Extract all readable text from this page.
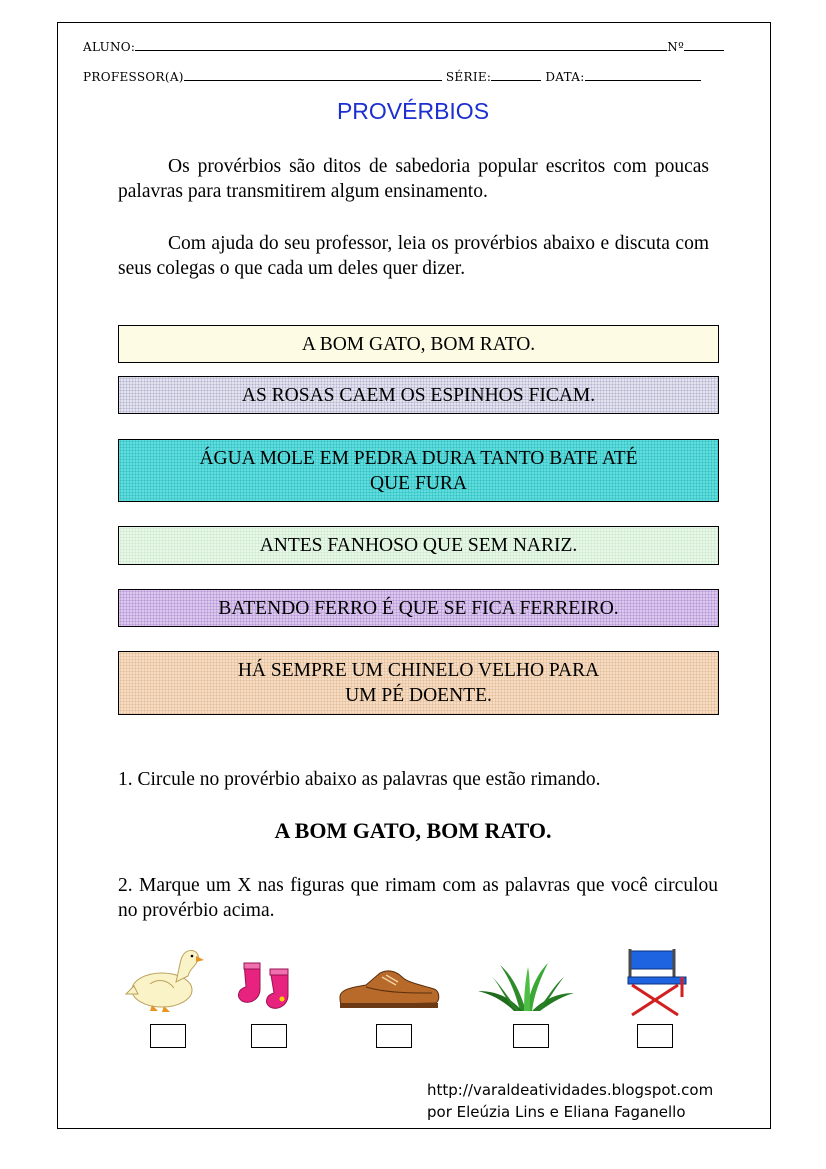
ALUNO:	Nº
PROFESSOR(A)	SÉRIE:	DATA:
PROVÉRBIOS
Os provérbios são ditos de sabedoria popular escritos com poucas palavras para transmitirem algum ensinamento.
Com ajuda do seu professor, leia os provérbios abaixo e discuta com seus colegas o que cada um deles quer dizer.
A BOM GATO, BOM RATO.
AS ROSAS CAEM OS ESPINHOS FICAM.
ÁGUA MOLE EM PEDRA DURA TANTO BATE ATÉ
QUE FURA
ANTES FANHOSO QUE SEM NARIZ.
BATENDO FERRO É QUE SE FICA FERREIRO.
HÁ SEMPRE UM CHINELO VELHO PARA
UM PÉ DOENTE.
1. Circule no provérbio abaixo as palavras que estão rimando.
A BOM GATO, BOM RATO.
2. Marque um X nas figuras que rimam com as palavras que você circulou no provérbio acima.
http://varaldeatividades.blogspot.com
por Eleúzia Lins e Eliana Faganello
